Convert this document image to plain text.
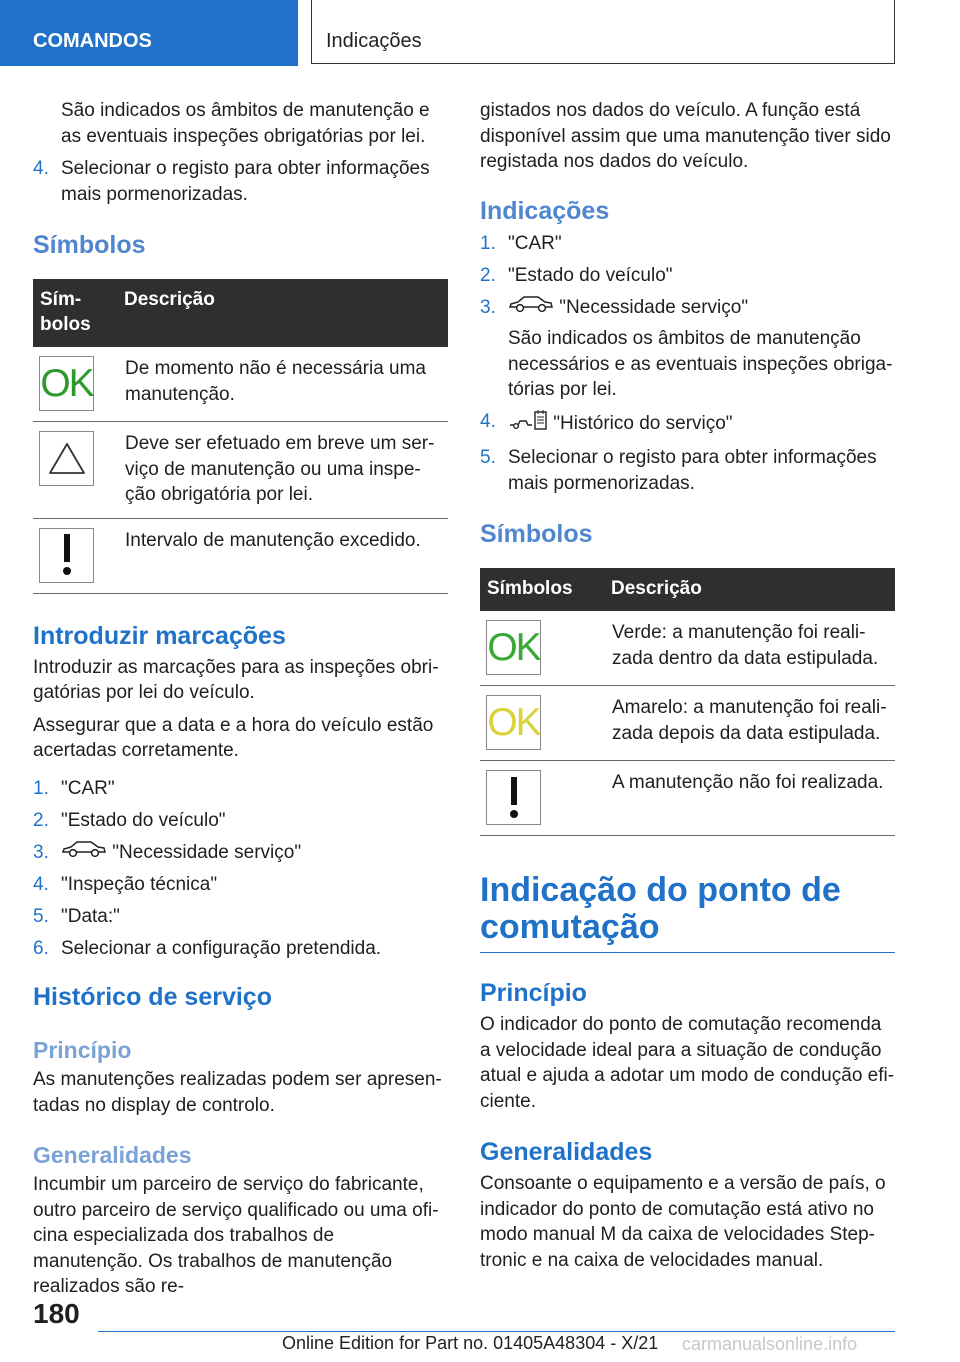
COMANDOS	Indicações

São indicados os âmbitos de manutenção e as eventuais inspeções obrigatórias por lei.

4. Selecionar o registo para obter informações mais pormenorizadas.
Símbolos
Sím-
bolos	Descrição

OK	De momento não é necessária uma manutenção.

	Deve ser efetuado em breve um ser-viço de manutenção ou uma inspe-ção obrigatória por lei.

	Intervalo de manutenção excedido.
Introduzir marcações

Introduzir as marcações para as inspeções obri-gatórias por lei do veículo.

Assegurar que a data e a hora do veículo estão acertadas corretamente.

1. "CAR"
2. "Estado do veículo"
3.	"Necessidade serviço"
4. "Inspeção técnica"
5. "Data:"
6. Selecionar a configuração pretendida.
Histórico de serviço
Princípio

As manutenções realizadas podem ser apresen-tadas no display de controlo.

Generalidades

Incumbir um parceiro de serviço do fabricante, outro parceiro de serviço qualificado ou uma ofi-cina especializada dos trabalhos de manutenção. Os trabalhos de manutenção realizados são re-

gistados nos dados do veículo. A função está disponível assim que uma manutenção tiver sido registada nos dados do veículo.

Indicações
1. "CAR"
2. "Estado do veículo"
3.	"Necessidade serviço"
São indicados os âmbitos de manutenção necessários e as eventuais inspeções obriga-tórias por lei.
4.	"Histórico do serviço"
5. Selecionar o registo para obter informações mais pormenorizadas.
Símbolos
Símbolos	Descrição

OK	Verde: a manutenção foi reali-zada dentro da data estipulada.

OK	Amarelo: a manutenção foi reali-zada depois da data estipulada.

	A manutenção não foi realizada.
Indicação do ponto de comutação
Princípio

O indicador do ponto de comutação recomenda a velocidade ideal para a situação de condução atual e ajuda a adotar um modo de condução efi-ciente.

Generalidades

Consoante o equipamento e a versão de país, o indicador do ponto de comutação está ativo no modo manual M da caixa de velocidades Step-tronic e na caixa de velocidades manual.

180
Online Edition for Part no. 01405A48304 - X/21 carmanualsonline.info
